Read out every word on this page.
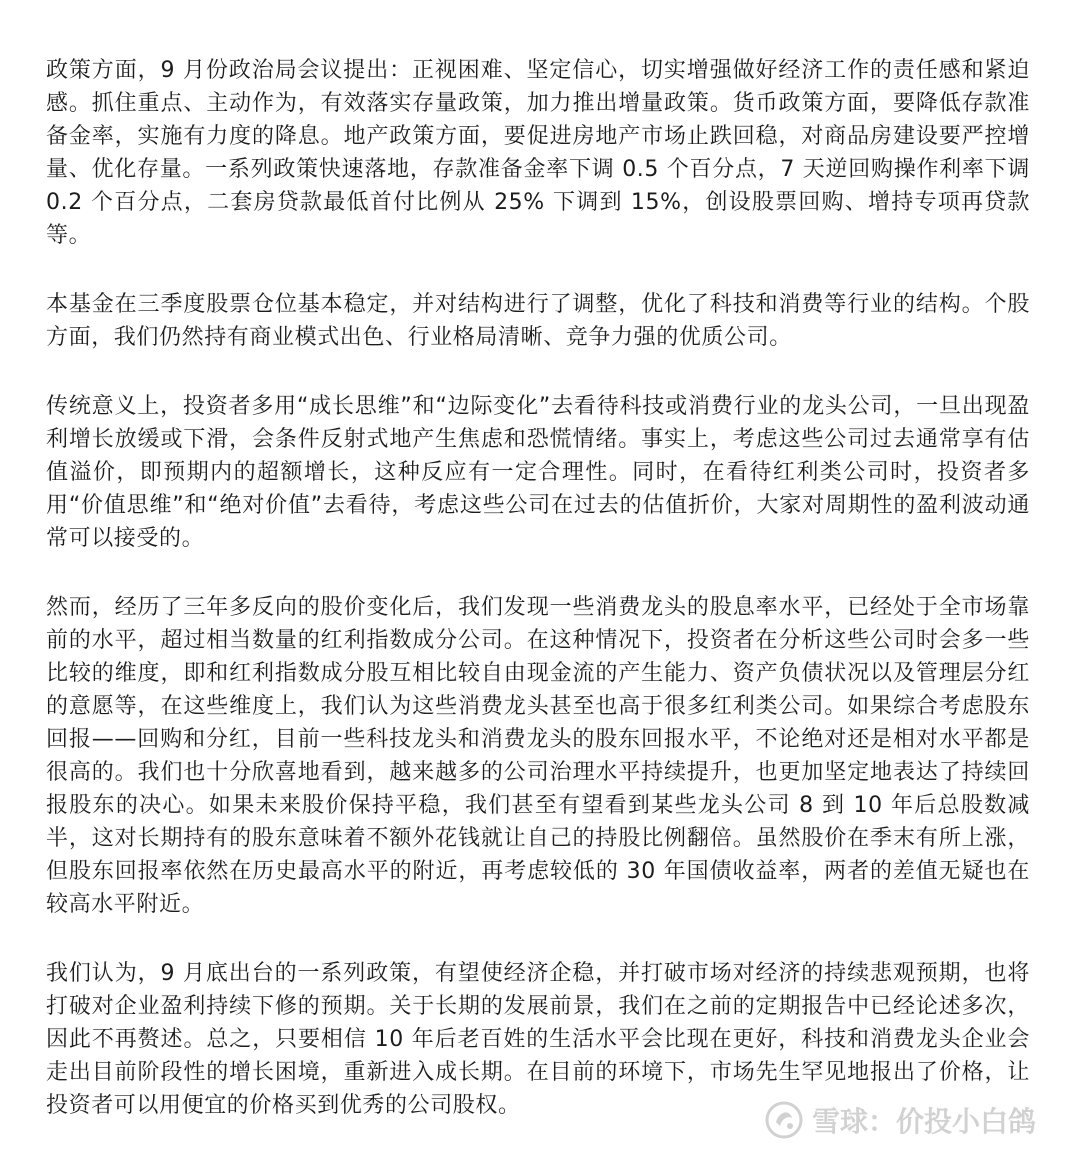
政策方面，9 月份政治局会议提出：正视困难、坚定信心，切实增强做好经济工作的责任感和紧迫感。抓住重点、主动作为，有效落实存量政策，加力推出增量政策。货币政策方面，要降低存款准备金率，实施有力度的降息。地产政策方面，要促进房地产市场止跌回稳，对商品房建设要严控增量、优化存量。一系列政策快速落地，存款准备金率下调 0.5 个百分点，7 天逆回购操作利率下调 0.2 个百分点，二套房贷款最低首付比例从 25% 下调到 15%，创设股票回购、增持专项再贷款等。

本基金在三季度股票仓位基本稳定，并对结构进行了调整，优化了科技和消费等行业的结构。个股方面，我们仍然持有商业模式出色、行业格局清晰、竞争力强的优质公司。

传统意义上，投资者多用“成长思维”和“边际变化”去看待科技或消费行业的龙头公司，一旦出现盈利增长放缓或下滑，会条件反射式地产生焦虑和恐慌情绪。事实上，考虑这些公司过去通常享有估值溢价，即预期内的超额增长，这种反应有一定合理性。同时，在看待红利类公司时，投资者多用“价值思维”和“绝对价值”去看待，考虑这些公司在过去的估值折价，大家对周期性的盈利波动通常可以接受的。

然而，经历了三年多反向的股价变化后，我们发现一些消费龙头的股息率水平，已经处于全市场靠前的水平，超过相当数量的红利指数成分公司。在这种情况下，投资者在分析这些公司时会多一些比较的维度，即和红利指数成分股互相比较自由现金流的产生能力、资产负债状况以及管理层分红的意愿等，在这些维度上，我们认为这些消费龙头甚至也高于很多红利类公司。如果综合考虑股东回报——回购和分红，目前一些科技龙头和消费龙头的股东回报水平，不论绝对还是相对水平都是很高的。我们也十分欣喜地看到，越来越多的公司治理水平持续提升，也更加坚定地表达了持续回报股东的决心。如果未来股价保持平稳，我们甚至有望看到某些龙头公司 8 到 10 年后总股数减半，这对长期持有的股东意味着不额外花钱就让自己的持股比例翻倍。虽然股价在季末有所上涨，但股东回报率依然在历史最高水平的附近，再考虑较低的 30 年国债收益率，两者的差值无疑也在较高水平附近。

我们认为，9 月底出台的一系列政策，有望使经济企稳，并打破市场对经济的持续悲观预期，也将打破对企业盈利持续下修的预期。关于长期的发展前景，我们在之前的定期报告中已经论述多次，因此不再赘述。总之，只要相信 10 年后老百姓的生活水平会比现在更好，科技和消费龙头企业会走出目前阶段性的增长困境，重新进入成长期。在目前的环境下，市场先生罕见地报出了价格，让投资者可以用便宜的价格买到优秀的公司股权。	雪球：价投小白鸽
